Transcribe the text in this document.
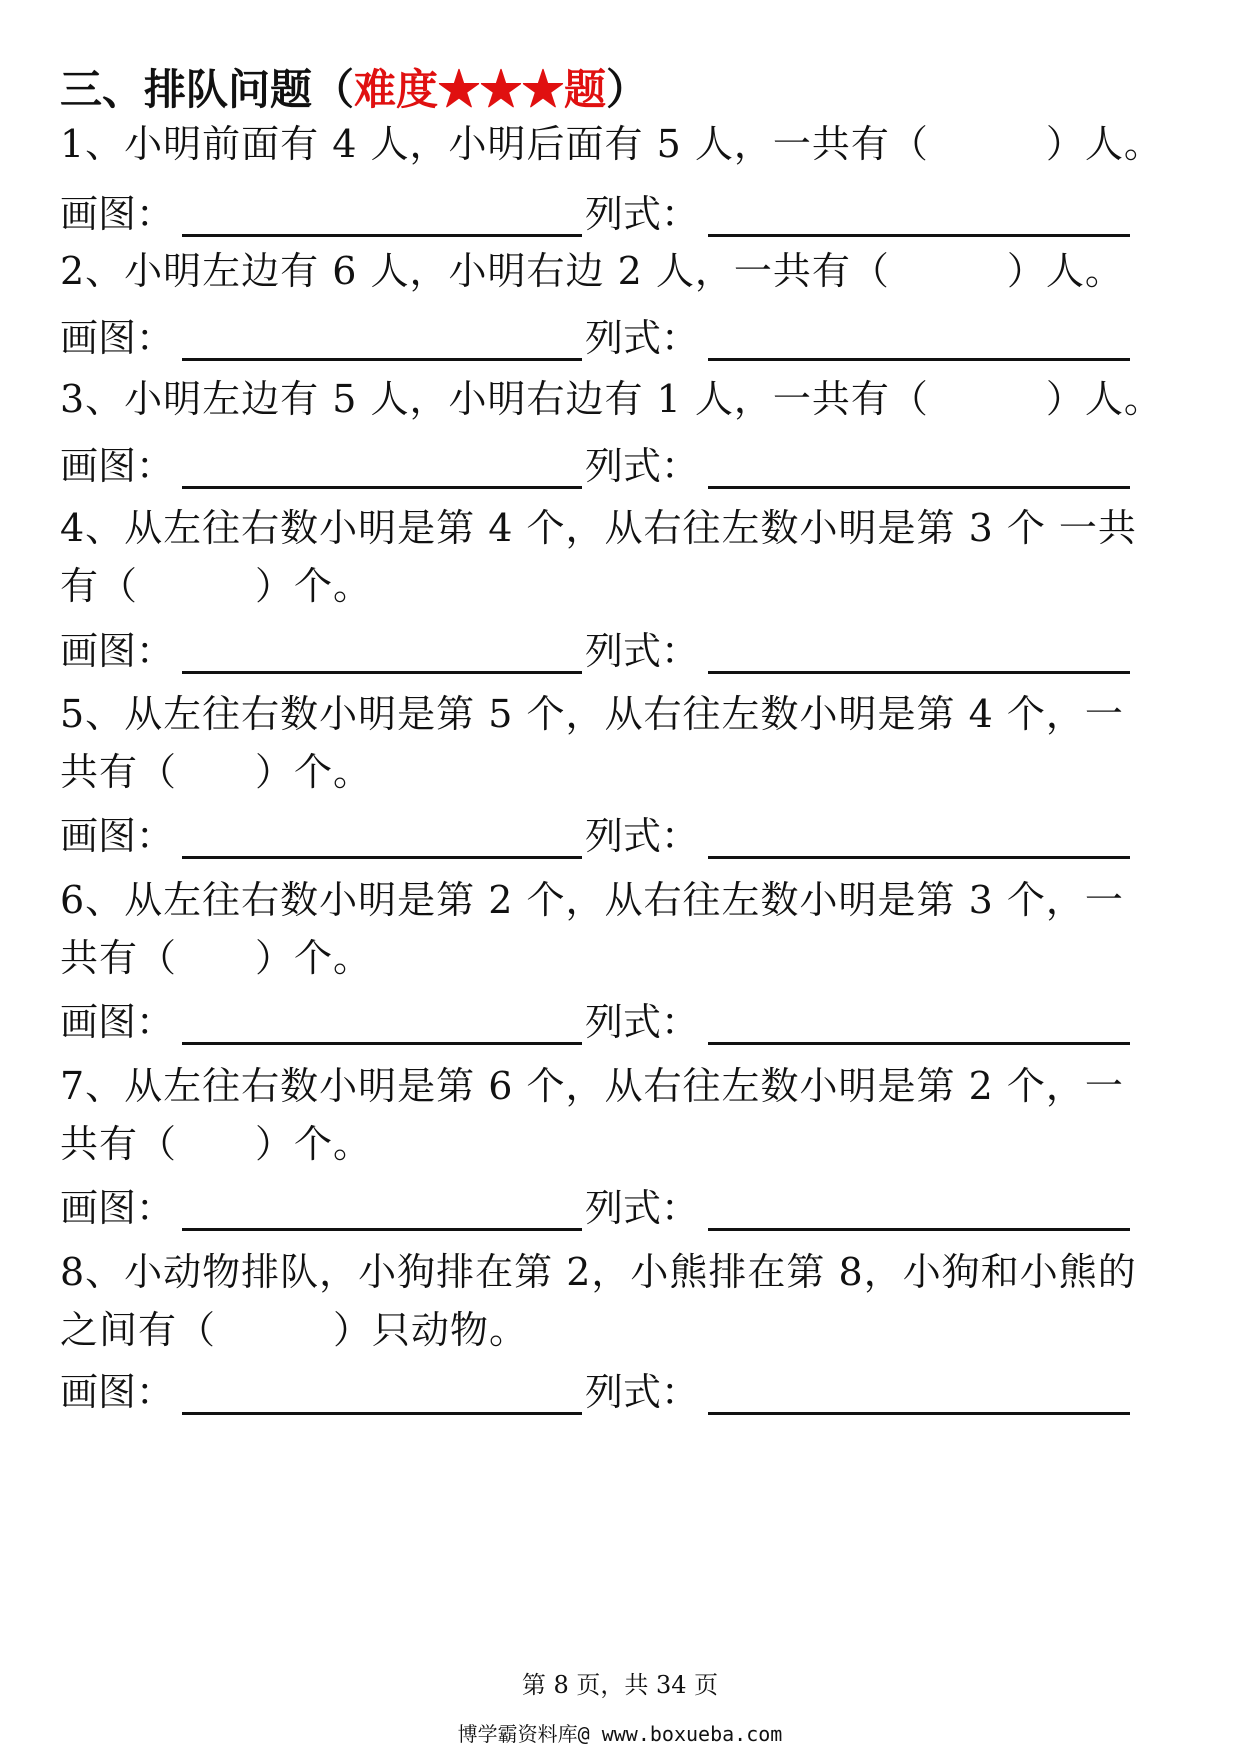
三、排队问题（难度★★★题）
1、小明前面有 4 人，小明后面有 5 人，一共有（　　　）人。
画图：	列式：
2、小明左边有 6 人，小明右边 2 人，一共有（　　　）人。
画图：	列式：
3、小明左边有 5 人，小明右边有 1 人，一共有（　　　）人。
画图：	列式：
4、从左往右数小明是第 4 个，从右往左数小明是第 3 个 一共
有（　　　）个。
画图：	列式：
5、从左往右数小明是第 5 个，从右往左数小明是第 4 个，一
共有（　　）个。
画图：	列式：
6、从左往右数小明是第 2 个，从右往左数小明是第 3 个，一
共有（　　）个。
画图：	列式：
7、从左往右数小明是第 6 个，从右往左数小明是第 2 个，一
共有（　　）个。
画图：	列式：
8、小动物排队，小狗排在第 2，小熊排在第 8，小狗和小熊的
之间有（　　　）只动物。
画图：	列式：
第 8 页，共 34 页
博学霸资料库@ www.boxueba.com
